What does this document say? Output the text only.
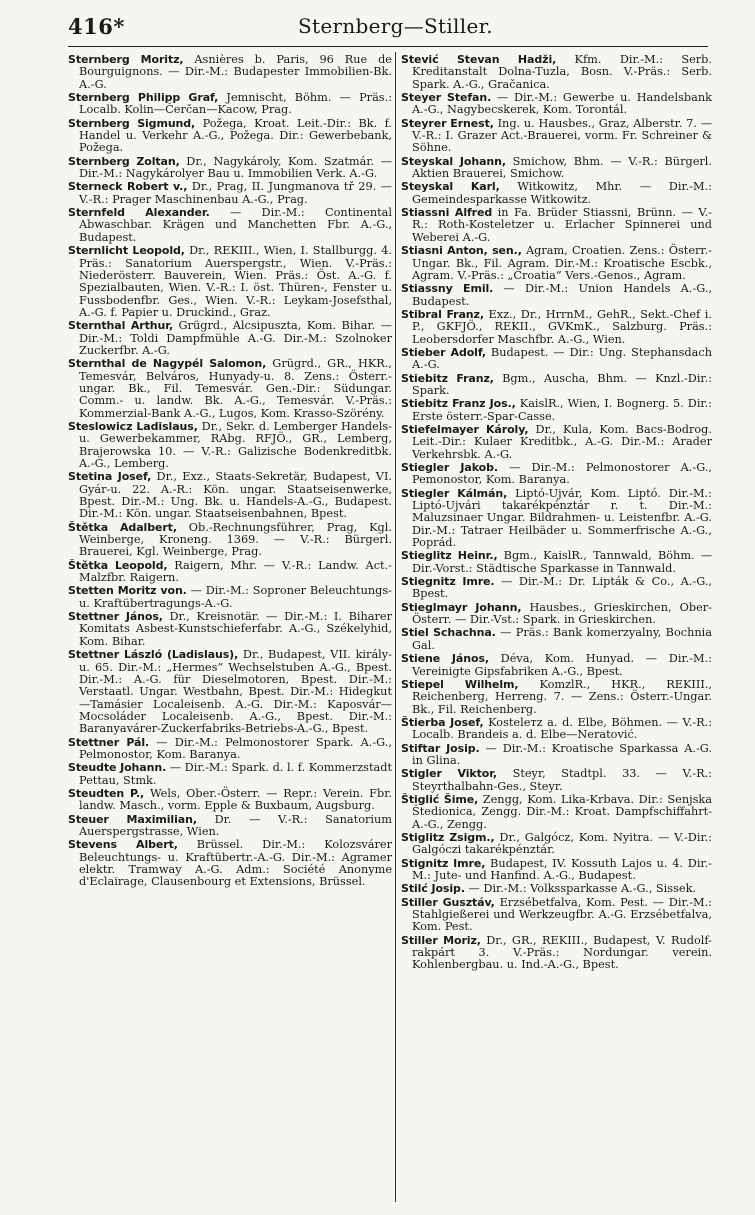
416*	Sternberg—Stiller.

Sternberg Moritz, Asnières b. Paris, 96 Rue de Bourguignons. — Dir.-M.: Budapester Immobilien-Bk. A.-G.

Sternberg Philipp Graf, Jemnischt, Böhm. — Präs.: Localb. Kolin—Čerčan—Kacow, Prag.

Sternberg Sigmund, Požega, Kroat. Leit.-Dir.: Bk. f. Handel u. Verkehr A.-G., Požega. Dir.: Gewerbebank, Požega.

Sternberg Zoltan, Dr., Nagykároly, Kom. Szatmár. — Dir.-M.: Nagykárolyer Bau u. Immobilien Verk. A.-G.

Sterneck Robert v., Dr., Prag, II. Jungmanova tř 29. — V.-R.: Prager Maschinenbau A.-G., Prag.

Sternfeld Alexander. — Dir.-M.: Continental Abwaschbar. Krägen und Manchetten Fbr. A.-G., Budapest.

Sternlicht Leopold, Dr., REKIII., Wien, I. Stallburgg. 4. Präs.: Sanatorium Auerspergstr., Wien. V.-Präs.: Niederösterr. Bauverein, Wien. Präs.: Öst. A.-G. f. Spezialbauten, Wien. V.-R.: I. öst. Thüren-, Fenster u. Fussbodenfbr. Ges., Wien. V.-R.: Leykam-Josefsthal, A.-G. f. Papier u. Druckind., Graz.

Sternthal Arthur, Grügrd., Alcsipuszta, Kom. Bihar. — Dir.-M.: Toldi Dampfmühle A.-G. Dir.-M.: Szolnoker Zuckerfbr. A.-G.

Sternthal de Nagypél Salomon, Grügrd., GR., HKR., Temesvár, Belváros, Hunyady-u. 8. Zens.: Österr.-ungar. Bk., Fil. Temesvár. Gen.-Dir.: Südungar. Comm.- u. landw. Bk. A.-G., Temesvár. V.-Präs.: Kommerzial-Bank A.-G., Lugos, Kom. Krasso-Szörény.

Steslowicz Ladislaus, Dr., Sekr. d. Lemberger Handels- u. Gewerbekammer, RAbg. RFJÖ., GR., Lemberg, Brajerowska 10. — V.-R.: Galizische Bodenkreditbk. A.-G., Lemberg.

Stetina Josef, Dr., Exz., Staats-Sekretär, Budapest, VI. Gyár-u. 22. A.-R.: Kön. ungar. Staatseisenwerke, Bpest. Dir.-M.: Ung. Bk. u. Handels-A.-G., Budapest. Dir.-M.: Kön. ungar. Staatseisenbahnen, Bpest.

Štětka Adalbert, Ob.-Rechnungsführer, Prag, Kgl. Weinberge, Kroneng. 1369. — V.-R.: Bürgerl. Brauerei, Kgl. Weinberge, Prag.

Štětka Leopold, Raigern, Mhr. — V.-R.: Landw. Act.-Malzfbr. Raigern.

Stetten Moritz von. — Dir.-M.: Soproner Beleuchtungs- u. Kraftübertragungs-A.-G.

Stettner János, Dr., Kreisnotär. — Dir.-M.: I. Biharer Komitats Asbest-Kunstschieferfabr. A.-G., Székelyhid, Kom. Bihar.

Stettner László (Ladislaus), Dr., Budapest, VII. király-u. 65. Dir.-M.: „Hermes“ Wechselstuben A.-G., Bpest. Dir.-M.: A.-G. für Dieselmotoren, Bpest. Dir.-M.: Verstaatl. Ungar. Westbahn, Bpest. Dir.-M.: Hidegkut—Tamásier Localeisenb. A.-G. Dir.-M.: Kaposvár—Mocsoláder Localeisenb. A.-G., Bpest. Dir.-M.: Baranyavárer-Zuckerfabriks-Betriebs-A.-G., Bpest.

Stettner Pál. — Dir.-M.: Pelmonostorer Spark. A.-G., Pelmonostor, Kom. Baranya.

Steudte Johann. — Dir.-M.: Spark. d. l. f. Kommerzstadt Pettau, Stmk.

Steudten P., Wels, Ober.-Österr. — Repr.: Verein. Fbr. landw. Masch., vorm. Epple & Buxbaum, Augsburg.

Steuer Maximilian, Dr. — V.-R.: Sanatorium Auerspergstrasse, Wien.

Stevens Albert, Brüssel. Dir.-M.: Kolozsvárer Beleuchtungs- u. Kraftübertr.-A.-G. Dir.-M.: Agramer elektr. Tramway A.-G. Adm.: Société Anonyme d'Eclairage, Clausenbourg et Extensions, Brüssel.

Stević Stevan Hadži, Kfm. Dir.-M.: Serb. Kreditanstalt Dolna-Tuzla, Bosn. V.-Präs.: Serb. Spark. A.-G., Gračanica.

Steyer Stefan. — Dir.-M.: Gewerbe u. Handelsbank A.-G., Nagybecskerek, Kom. Torontál.

Steyrer Ernest, Ing. u. Hausbes., Graz, Alberstr. 7. — V.-R.: I. Grazer Act.-Brauerei, vorm. Fr. Schreiner & Söhne.

Steyskal Johann, Smichow, Bhm. — V.-R.: Bürgerl. Aktien Brauerei, Smichow.

Steyskal Karl, Witkowitz, Mhr. — Dir.-M.: Gemeindesparkasse Witkowitz.

Stiassni Alfred in Fa. Brüder Stiassni, Brünn. — V.-R.: Roth-Kosteletzer u. Erlacher Spinnerei und Weberei A.-G.

Stiasni Anton, sen., Agram, Croatien. Zens.: Österr.-Ungar. Bk., Fil. Agram. Dir.-M.: Kroatische Escbk., Agram. V.-Präs.: „Croatia“ Vers.-Genos., Agram.

Stiassny Emil. — Dir.-M.: Union Handels A.-G., Budapest.

Stibral Franz, Exz., Dr., HrrnM., GehR., Sekt.-Chef i. P., GKFJÖ., REKII., GVKmK., Salzburg. Präs.: Leobersdorfer Maschfbr. A.-G., Wien.

Stieber Adolf, Budapest. — Dir.: Ung. Stephansdach A.-G.

Stiebitz Franz, Bgm., Auscha, Bhm. — Knzl.-Dir.: Spark.

Stiebitz Franz Jos., KaislR., Wien, I. Bognerg. 5. Dir.: Erste österr.-Spar-Casse.

Stiefelmayer Károly, Dr., Kula, Kom. Bacs-Bodrog. Leit.-Dir.: Kulaer Kreditbk., A.-G. Dir.-M.: Arader Verkehrsbk. A.-G.

Stiegler Jakob. — Dir.-M.: Pelmonostorer A.-G., Pemonostor, Kom. Baranya.

Stiegler Kálmán, Liptó-Ujvár, Kom. Liptó. Dir.-M.: Liptó-Ujvári takarékpénztár r. t. Dir.-M.: Maluzsinaer Ungar. Bildrahmen- u. Leistenfbr. A.-G. Dir.-M.: Tatraer Heilbäder u. Sommerfrische A.-G., Poprád.

Stieglitz Heinr., Bgm., KaislR., Tannwald, Böhm. — Dir.-Vorst.: Städtische Sparkasse in Tannwald.

Stiegnitz Imre. — Dir.-M.: Dr. Lipták & Co., A.-G., Bpest.

Stieglmayr Johann, Hausbes., Grieskirchen, Ober-Österr. — Dir.-Vst.: Spark. in Grieskirchen.

Stiel Schachna. — Präs.: Bank komerzyalny, Bochnia Gal.

Stiene János, Déva, Kom. Hunyad. — Dir.-M.: Vereinigte Gipsfabriken A.-G., Bpest.

Stiepel Wilhelm, KomzlR., HKR., REKIII., Reichenberg, Herreng. 7. — Zens.: Österr.-Ungar. Bk., Fil. Reichenberg.

Štierba Josef, Kostelетz a. d. Elbe, Böhmen. — V.-R.: Localb. Brandeis a. d. Elbe—Neratović.

Stiftar Josip. — Dir.-M.: Kroatische Sparkassa A.-G. in Glina.

Stigler Viktor, Steyr, Stadtpl. 33. — V.-R.: Steyrthalbahn-Ges., Steyr.

Štiglić Šime, Zengg, Kom. Lika-Krbava. Dir.: Senjska Štedionica, Zengg. Dir.-M.: Kroat. Dampfschiffahrt-A.-G., Zengg.

Stiglitz Zsigm., Dr., Galgócz, Kom. Nyitra. — V.-Dir.: Galgóczi takarékpénztár.

Stignitz Imre, Budapest, IV. Kossuth Lajos u. 4. Dir.-M.: Jute- und Hanfind. A.-G., Budapest.

Stilć Josip. — Dir.-M.: Volkssparkasse A.-G., Sissek.

Stiller Gusztáv, Erzsébetfalva, Kom. Pest. — Dir.-M.: Stahlgießerei und Werkzeugfbr. A.-G. Erzsébetfalva, Kom. Pest.

Stiller Moriz, Dr., GR., REKIII., Budapest, V. Rudolf-rakpárt 3. V.-Präs.: Nordungar. verein. Kohlenbergbau. u. Ind.-A.-G., Bpest.
